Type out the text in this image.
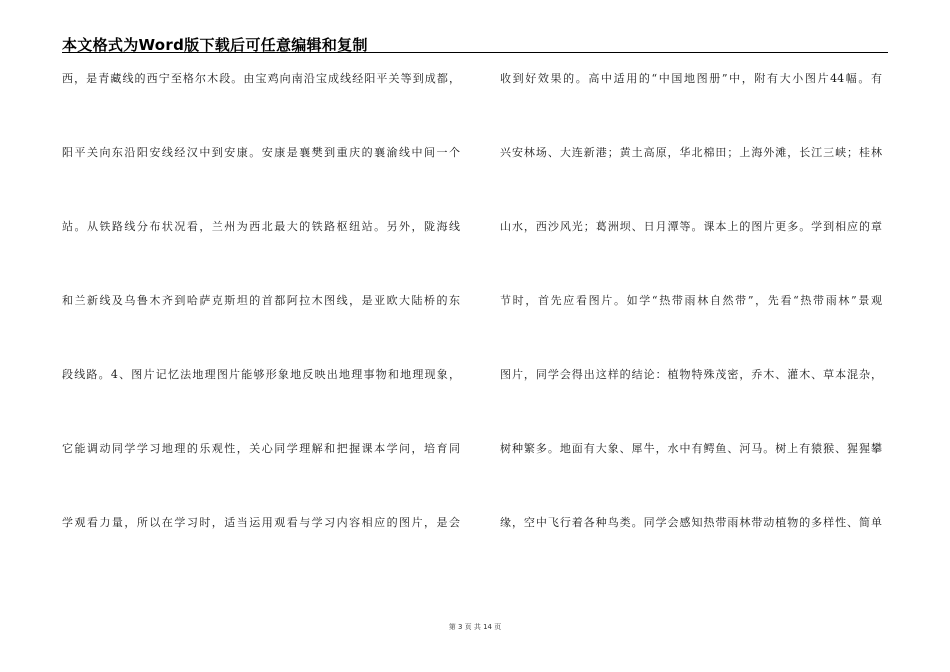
本文格式为Word版下载后可任意编辑和复制
西，是青藏线的西宁至格尔木段。由宝鸡向南沿宝成线经阳平关等到成都，
阳平关向东沿阳安线经汉中到安康。安康是襄樊到重庆的襄渝线中间一个
站。从铁路线分布状况看，兰州为西北最大的铁路枢纽站。另外，陇海线
和兰新线及乌鲁木齐到哈萨克斯坦的首都阿拉木图线，是亚欧大陆桥的东
段线路。4、图片记忆法地理图片能够形象地反映出地理事物和地理现象，
它能调动同学学习地理的乐观性，关心同学理解和把握课本学问，培育同
学观看力量，所以在学习时，适当运用观看与学习内容相应的图片，是会
收到好效果的。高中适用的“中国地图册”中，附有大小图片44幅。有
兴安林场、大连新港；黄土高原，华北棉田；上海外滩，长江三峡；桂林
山水，西沙风光；葛洲坝、日月潭等。课本上的图片更多。学到相应的章
节时，首先应看图片。如学“热带雨林自然带”，先看“热带雨林”景观
图片，同学会得出这样的结论：植物特殊茂密，乔木、灌木、草本混杂，
树种繁多。地面有大象、犀牛，水中有鳄鱼、河马。树上有猿猴、猩猩攀
缘，空中飞行着各种鸟类。同学会感知热带雨林带动植物的多样性、简单
第 3 页 共 14 页
